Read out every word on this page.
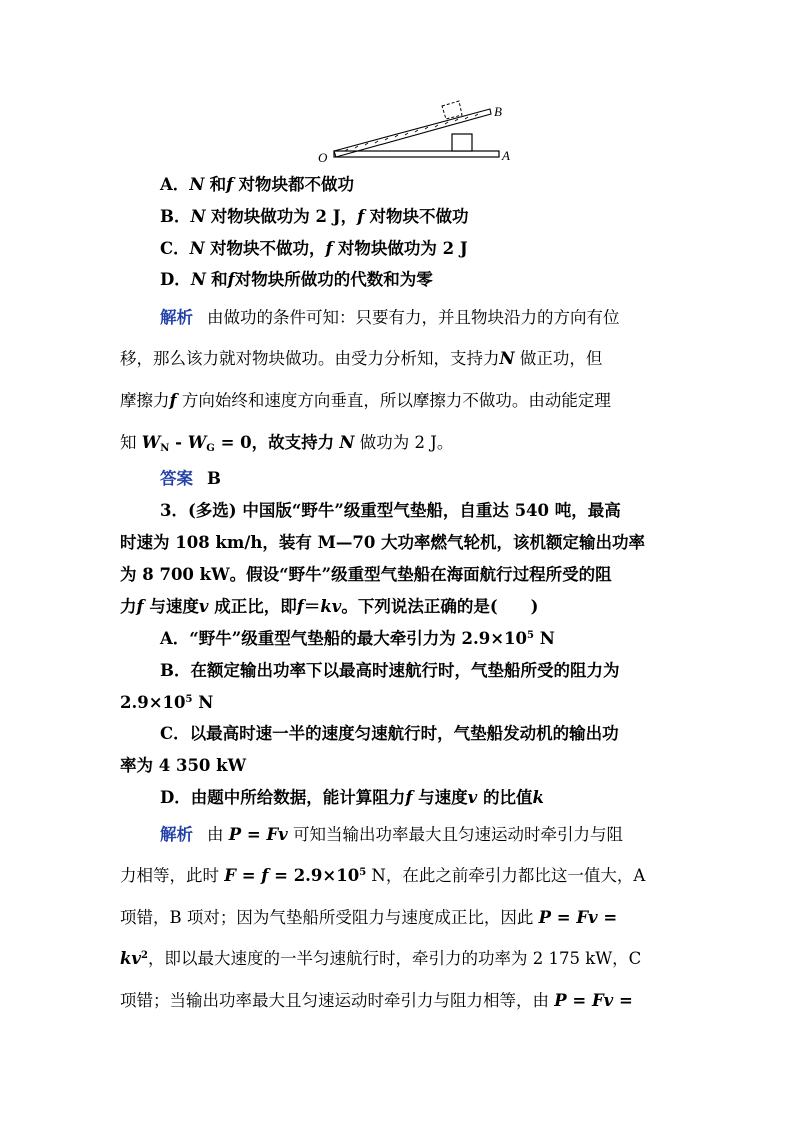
B
O	A
A．N 和f 对物块都不做功
B．N 对物块做功为 2 J，f 对物块不做功
C．N 对物块不做功，f 对物块做功为 2 J
D．N 和f对物块所做功的代数和为零
解析 由做功的条件可知：只要有力，并且物块沿力的方向有位
移，那么该力就对物块做功。由受力分析知，支持力N 做正功，但
摩擦力f 方向始终和速度方向垂直，所以摩擦力不做功。由动能定理
知 $W_N - W_G = 0$，故支持力 N 做功为 2 J。
答案 B
3．(多选) 中国版“野牛”级重型气垫船，自重达 540 吨，最高
时速为 108 km/h，装有 M—70 大功率燃气轮机，该机额定输出功率
为 8 700 kW。假设“野牛”级重型气垫船在海面航行过程所受的阻
力f 与速度v 成正比，即f＝kv。下列说法正确的是(　　)
A．“野牛”级重型气垫船的最大牵引力为 $2.9\times 10^5$ N
B．在额定输出功率下以最高时速航行时，气垫船所受的阻力为
$2.9\times 10^5$ N
C．以最高时速一半的速度匀速航行时，气垫船发动机的输出功
率为 4 350 kW
D．由题中所给数据，能计算阻力f 与速度v 的比值k
解析 由 P = Fv 可知当输出功率最大且匀速运动时牵引力与阻
力相等，此时 $F = f = 2.9\times 10^5$ N，在此之前牵引力都比这一值大，A
项错，B 项对；因为气垫船所受阻力与速度成正比，因此 P = Fv =
$kv^2$，即以最大速度的一半匀速航行时，牵引力的功率为 2 175 kW，C
项错；当输出功率最大且匀速运动时牵引力与阻力相等，由 P = Fv =
